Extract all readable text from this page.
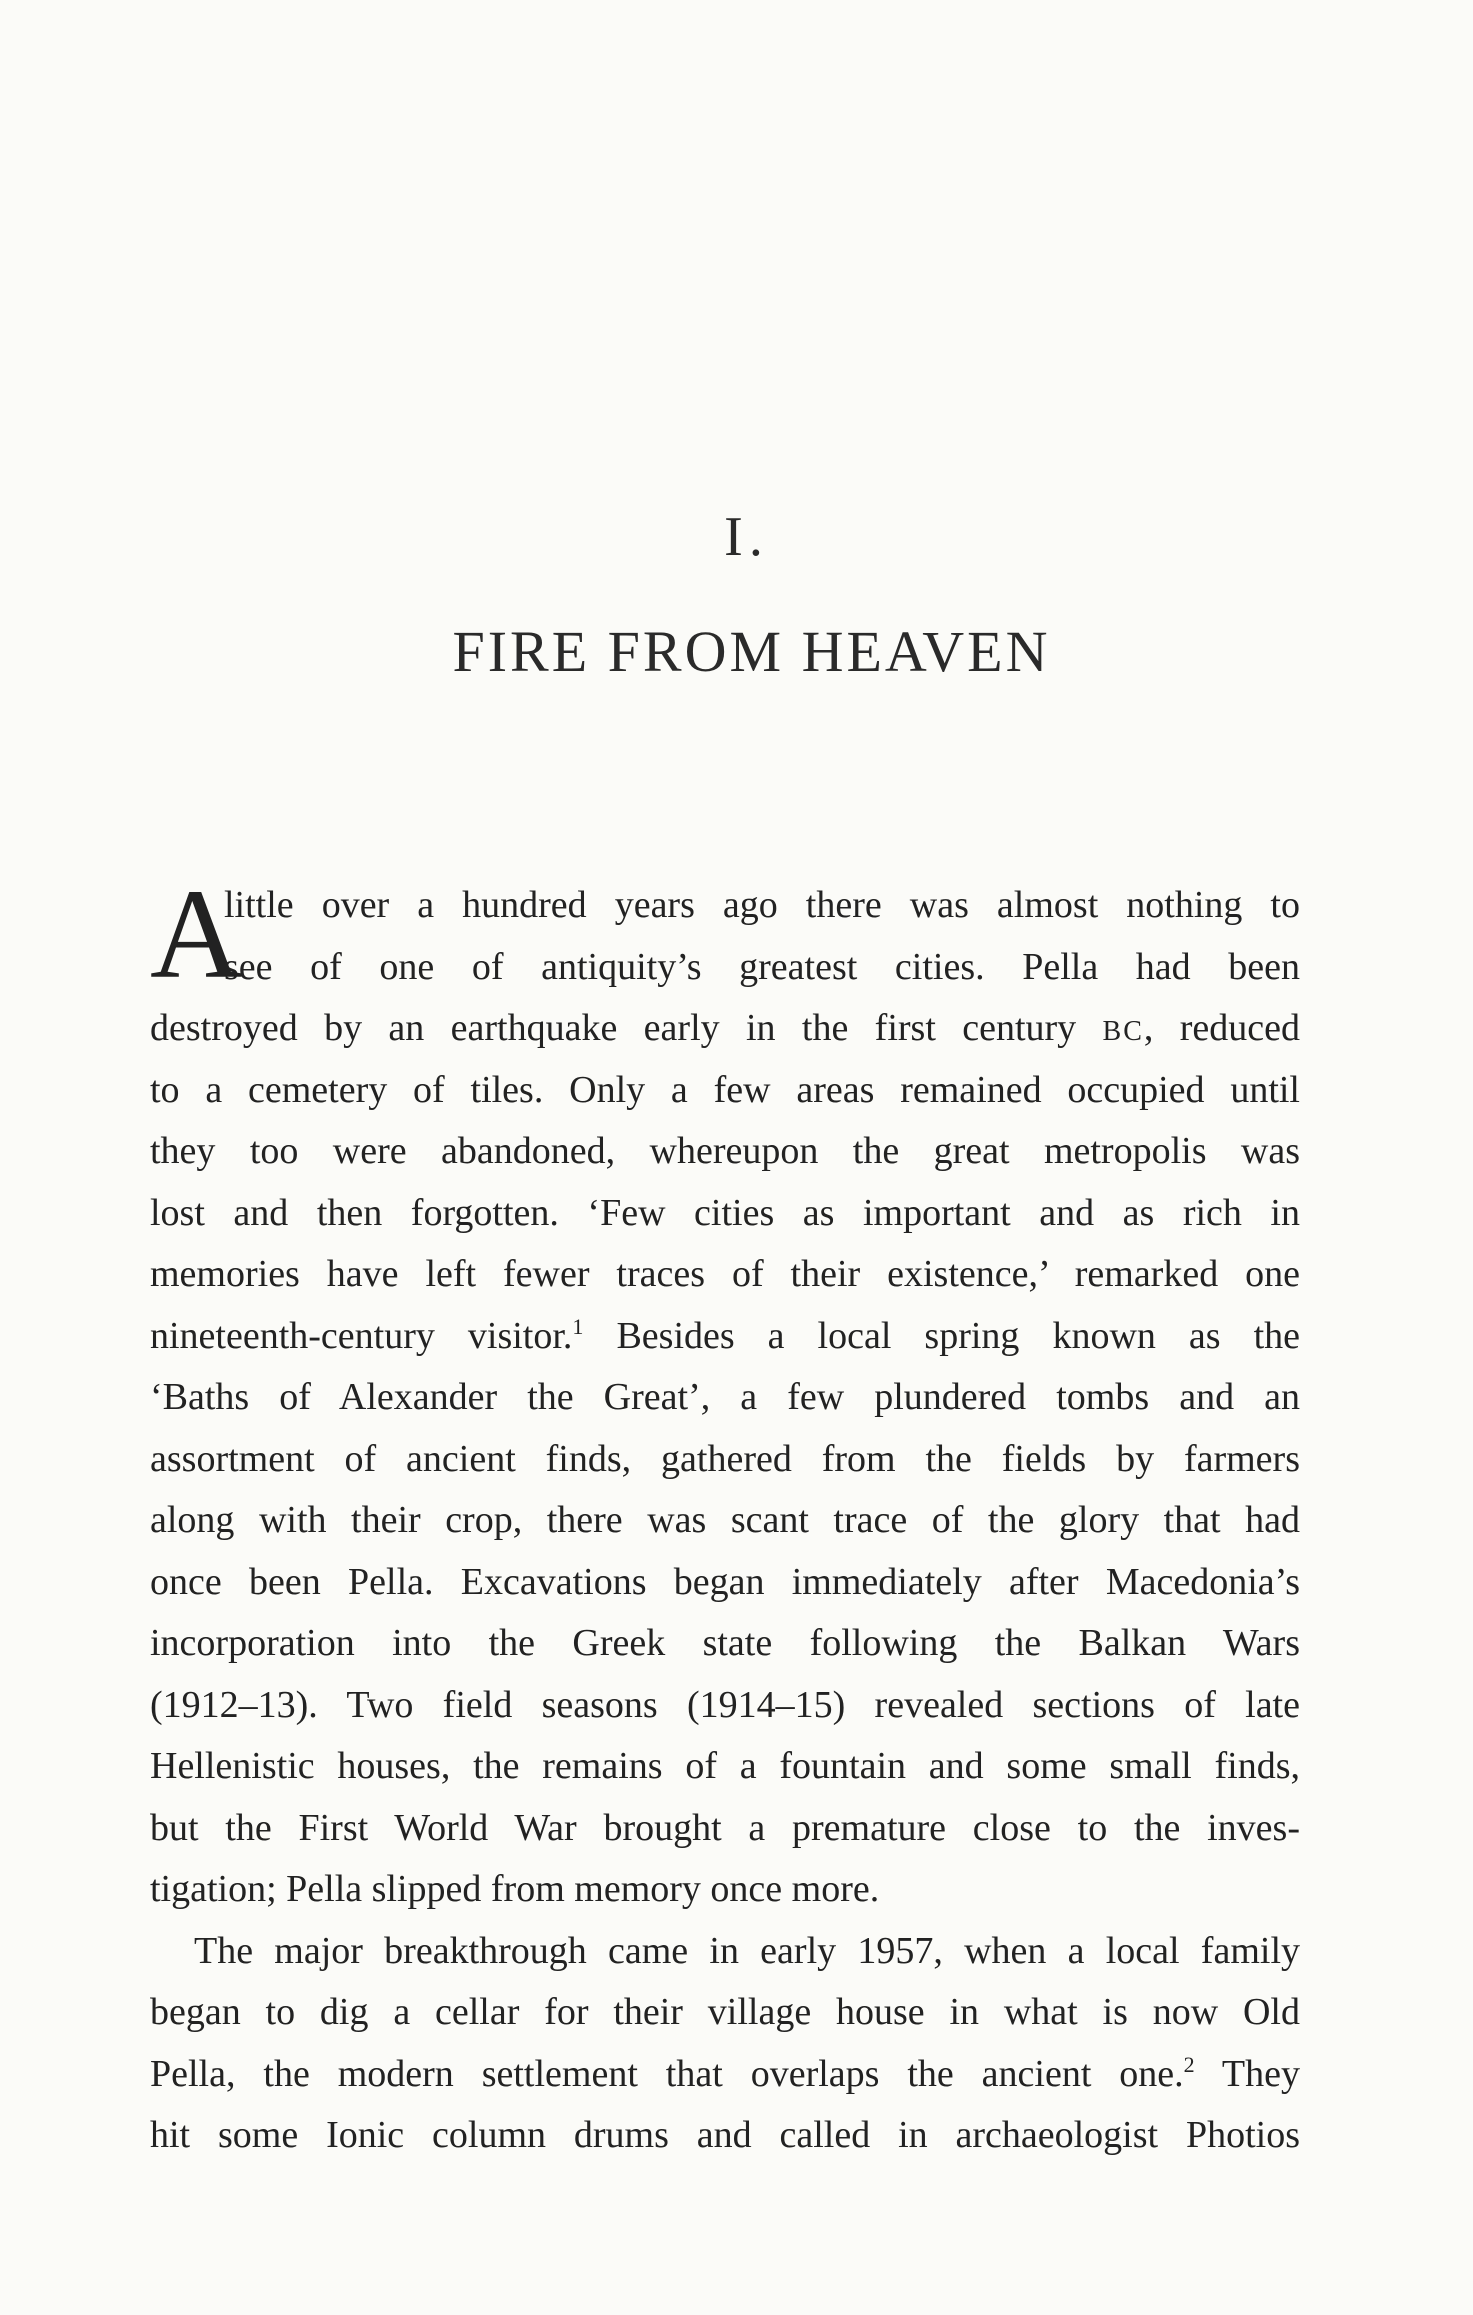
I.
FIRE FROM HEAVEN
A
little over a hundred years ago there was almost nothing to
see of one of antiquity’s greatest cities. Pella had been
destroyed by an earthquake early in the first century BC, reduced
to a cemetery of tiles. Only a few areas remained occupied until
they too were abandoned, whereupon the great metropolis was
lost and then forgotten. ‘Few cities as important and as rich in
memories have left fewer traces of their existence,’ remarked one
nineteenth-century visitor.$^1$ Besides a local spring known as the
‘Baths of Alexander the Great’, a few plundered tombs and an
assortment of ancient finds, gathered from the fields by farmers
along with their crop, there was scant trace of the glory that had
once been Pella. Excavations began immediately after Macedonia’s
incorporation into the Greek state following the Balkan Wars
(1912–13). Two field seasons (1914–15) revealed sections of late
Hellenistic houses, the remains of a fountain and some small finds,
but the First World War brought a premature close to the inves-
tigation; Pella slipped from memory once more.
The major breakthrough came in early 1957, when a local family
began to dig a cellar for their village house in what is now Old
Pella, the modern settlement that overlaps the ancient one.$^2$ They
hit some Ionic column drums and called in archaeologist Photios
